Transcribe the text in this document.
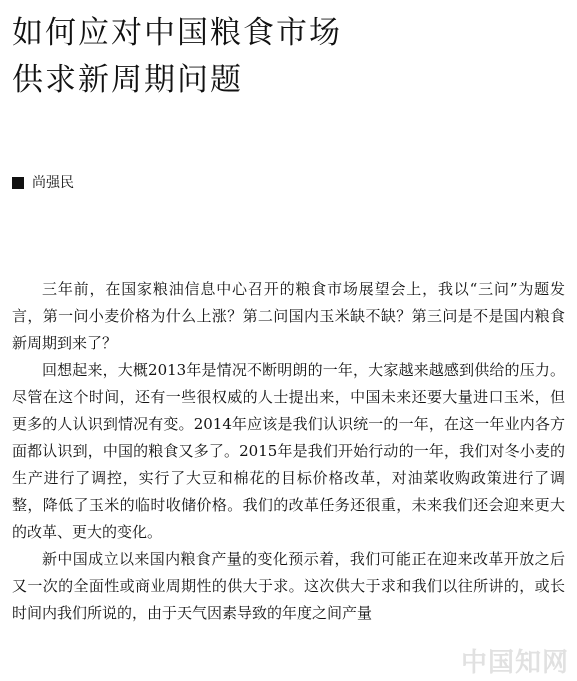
如何应对中国粮食市场
供求新周期问题
尚强民

三年前，在国家粮油信息中心召开的粮食市场展望会上，我以“三问”为题发言，第一问小麦价格为什么上涨？第二问国内玉米缺不缺？第三问是不是国内粮食新周期到来了？

回想起来，大概2013年是情况不断明朗的一年，大家越来越感到供给的压力。尽管在这个时间，还有一些很权威的人士提出来，中国未来还要大量进口玉米，但更多的人认识到情况有变。2014年应该是我们认识统一的一年，在这一年业内各方面都认识到，中国的粮食又多了。2015年是我们开始行动的一年，我们对冬小麦的生产进行了调控，实行了大豆和棉花的目标价格改革，对油菜收购政策进行了调整，降低了玉米的临时收储价格。我们的改革任务还很重，未来我们还会迎来更大的改革、更大的变化。

新中国成立以来国内粮食产量的变化预示着，我们可能正在迎来改革开放之后又一次的全面性或商业周期性的供大于求。这次供大于求和我们以往所讲的，或长时间内我们所说的，由于天气因素导致的年度之间产量

中国知网
